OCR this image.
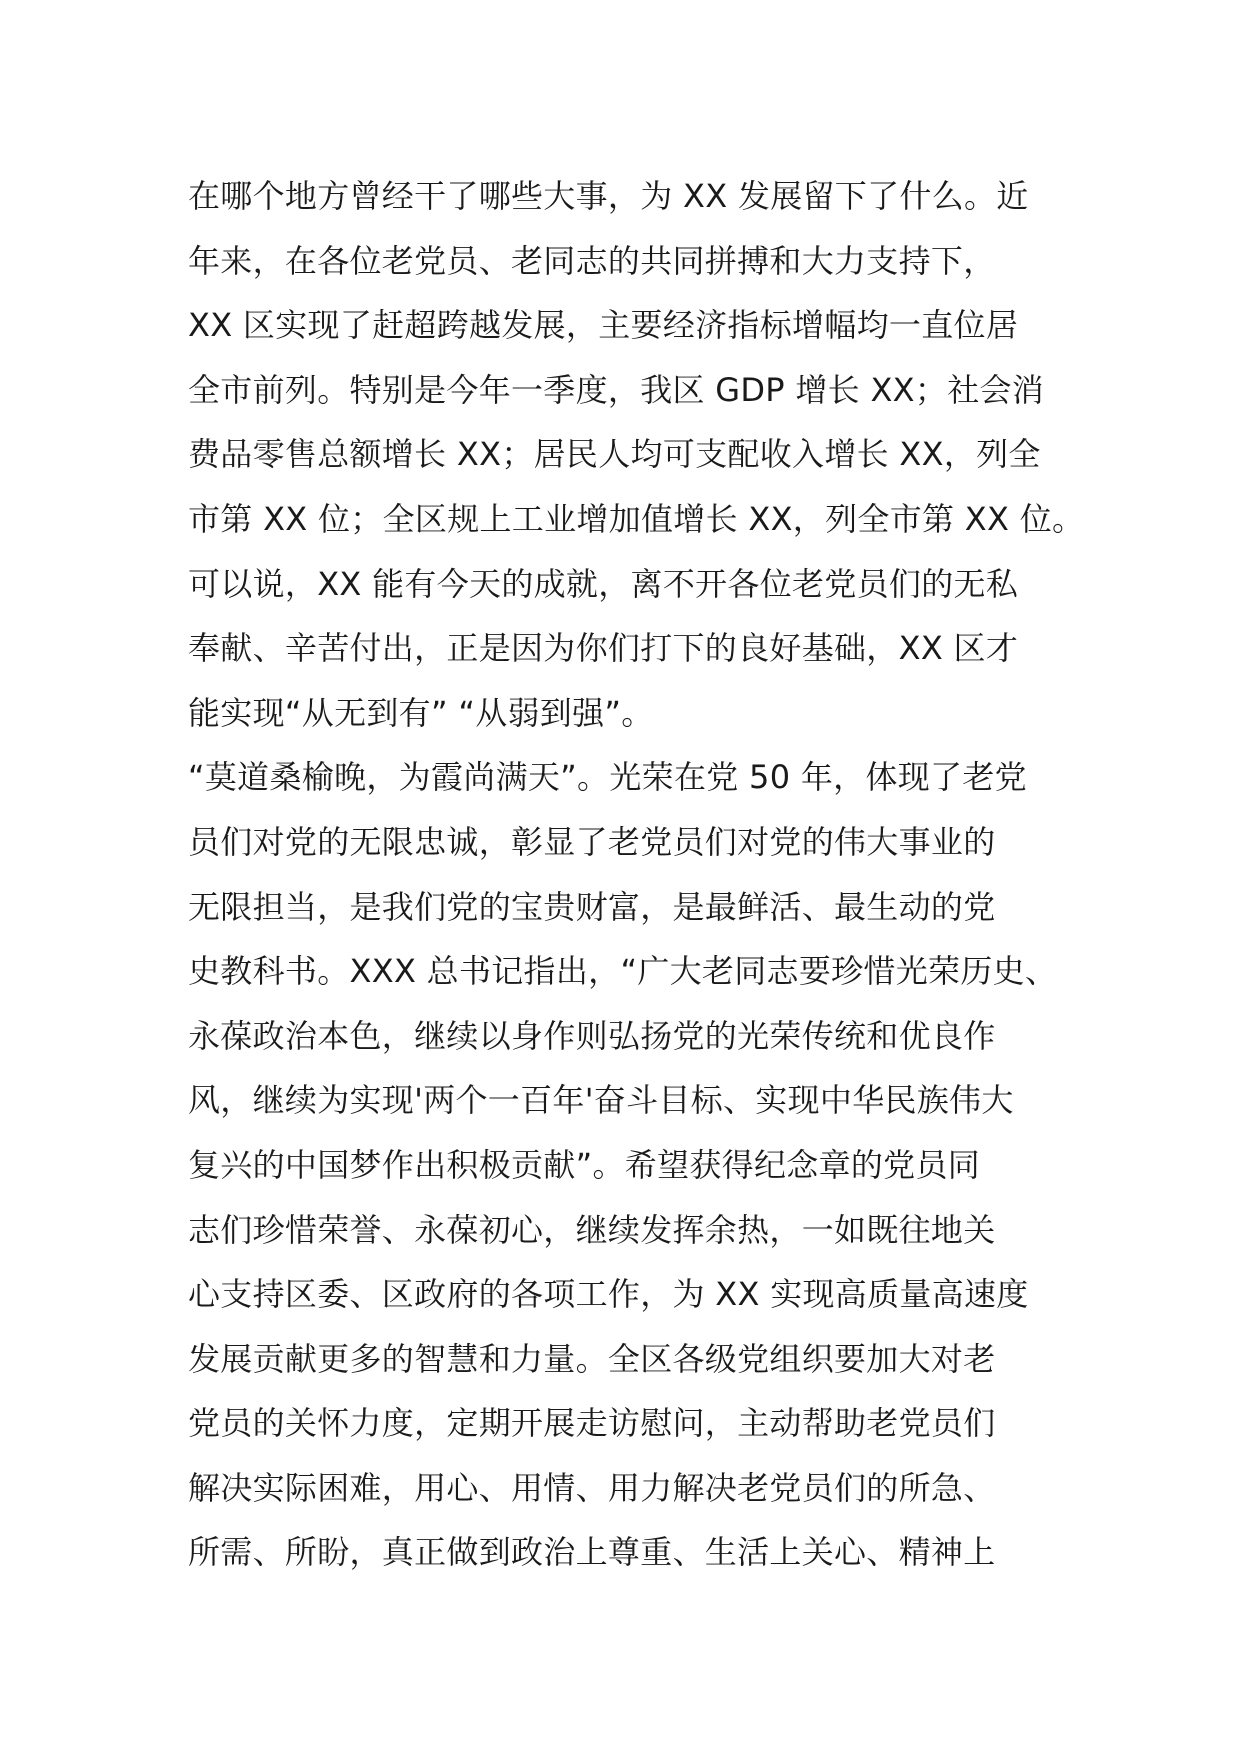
在哪个地方曾经干了哪些大事，为 XX 发展留下了什么。近
年来，在各位老党员、老同志的共同拼搏和大力支持下，
XX 区实现了赶超跨越发展，主要经济指标增幅均一直位居
全市前列。特别是今年一季度，我区 GDP 增长 XX；社会消
费品零售总额增长 XX；居民人均可支配收入增长 XX，列全
市第 XX 位；全区规上工业增加值增长 XX，列全市第 XX 位。
可以说，XX 能有今天的成就，离不开各位老党员们的无私
奉献、辛苦付出，正是因为你们打下的良好基础，XX 区才
能实现“从无到有” “从弱到强”。
“莫道桑榆晚，为霞尚满天”。光荣在党 50 年，体现了老党
员们对党的无限忠诚，彰显了老党员们对党的伟大事业的
无限担当，是我们党的宝贵财富，是最鲜活、最生动的党
史教科书。XXX 总书记指出，“广大老同志要珍惜光荣历史、
永葆政治本色，继续以身作则弘扬党的光荣传统和优良作
风，继续为实现'两个一百年'奋斗目标、实现中华民族伟大
复兴的中国梦作出积极贡献”。希望获得纪念章的党员同
志们珍惜荣誉、永葆初心，继续发挥余热，一如既往地关
心支持区委、区政府的各项工作，为 XX 实现高质量高速度
发展贡献更多的智慧和力量。全区各级党组织要加大对老
党员的关怀力度，定期开展走访慰问，主动帮助老党员们
解决实际困难，用心、用情、用力解决老党员们的所急、
所需、所盼，真正做到政治上尊重、生活上关心、精神上
